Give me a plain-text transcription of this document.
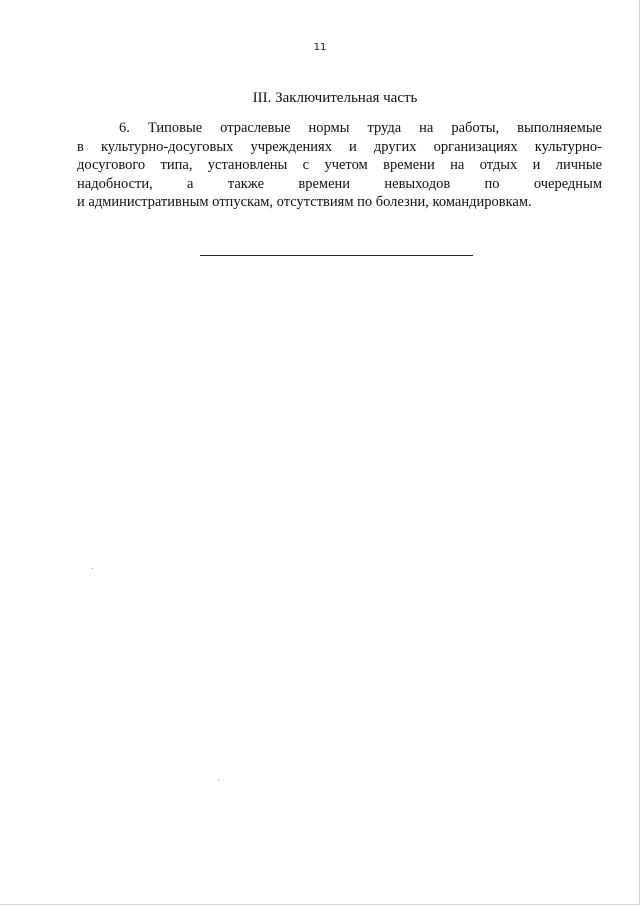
11
III. Заключительная часть
6. Типовые отраслевые нормы труда на работы, выполняемые
в культурно-досуговых учреждениях и других организациях культурно-
досугового типа, установлены с учетом времени на отдых и личные
надобности, а также времени невыходов по очередным
и административным отпускам, отсутствиям по болезни, командировкам.
